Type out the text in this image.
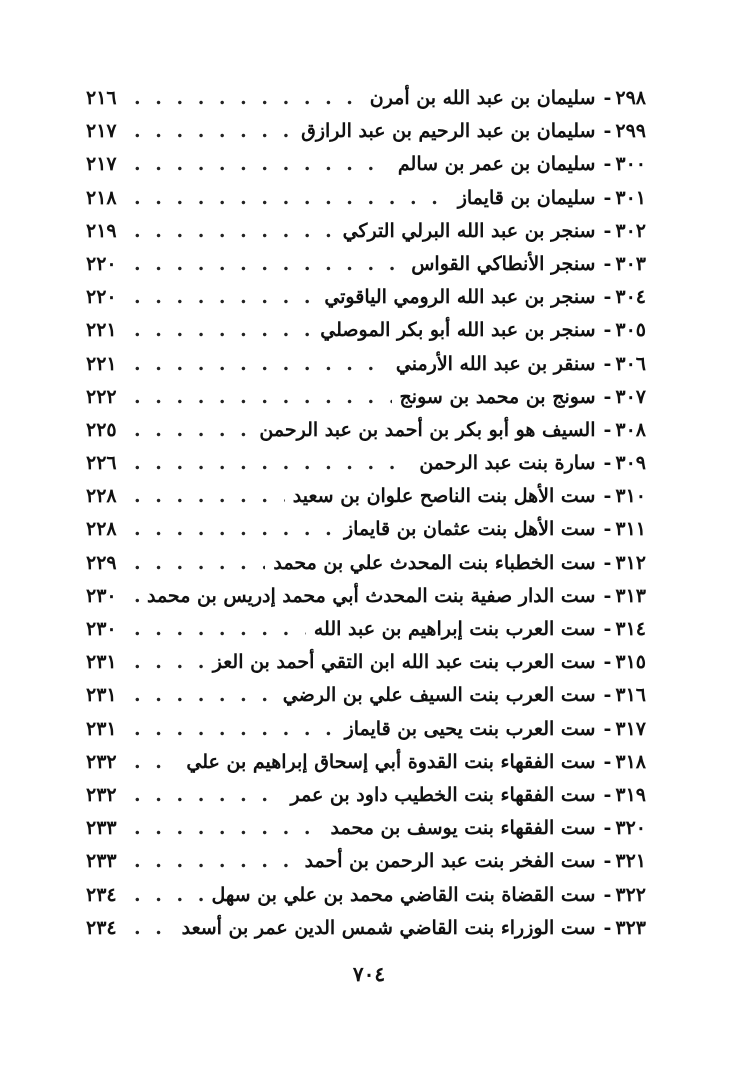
٢٩٨
-
سليمان بن عبد الله بن أمرن
. . .
٢١٦
٢٩٩
-
سليمان بن عبد الرحيم بن عبد الرازق
. . .
٢١٧
٣٠٠
-
سليمان بن عمر بن سالم
. . .
٢١٧
٣٠١
-
سليمان بن قايماز
. . .
٢١٨
٣٠٢
-
سنجر بن عبد الله البرلي التركي
. . .
٢١٩
٣٠٣
-
سنجر الأنطاكي القواس
. . .
٢٢٠
٣٠٤
-
سنجر بن عبد الله الرومي الياقوتي
. . .
٢٢٠
٣٠٥
-
سنجر بن عبد الله أبو بكر الموصلي
. . .
٢٢١
٣٠٦
-
سنقر بن عبد الله الأرمني
. . .
٢٢١
٣٠٧
-
سونج بن محمد بن سونج
. . .
٢٢٢
٣٠٨
-
السيف هو أبو بكر بن أحمد بن عبد الرحمن
. . .
٢٢٥
٣٠٩
-
سارة بنت عبد الرحمن
. . .
٢٢٦
٣١٠
-
ست الأهل بنت الناصح علوان بن سعيد
. . .
٢٢٨
٣١١
-
ست الأهل بنت عثمان بن قايماز
. . .
٢٢٨
٣١٢
-
ست الخطباء بنت المحدث علي بن محمد
. . .
٢٢٩
٣١٣
-
ست الدار صفية بنت المحدث أبي محمد إدريس بن محمد
. . .
٢٣٠
٣١٤
-
ست العرب بنت إبراهيم بن عبد الله
. . .
٢٣٠
٣١٥
-
ست العرب بنت عبد الله ابن التقي أحمد بن العز
. . .
٢٣١
٣١٦
-
ست العرب بنت السيف علي بن الرضي
. . .
٢٣١
٣١٧
-
ست العرب بنت يحيى بن قايماز
. . .
٢٣١
٣١٨
-
ست الفقهاء بنت القدوة أبي إسحاق إبراهيم بن علي
. . .
٢٣٢
٣١٩
-
ست الفقهاء بنت الخطيب داود بن عمر
. . .
٢٣٢
٣٢٠
-
ست الفقهاء بنت يوسف بن محمد
. . .
٢٣٣
٣٢١
-
ست الفخر بنت عبد الرحمن بن أحمد
. . .
٢٣٣
٣٢٢
-
ست القضاة بنت القاضي محمد بن علي بن سهل
. . .
٢٣٤
٣٢٣
-
ست الوزراء بنت القاضي شمس الدين عمر بن أسعد
. . .
٢٣٤
٧٠٤
